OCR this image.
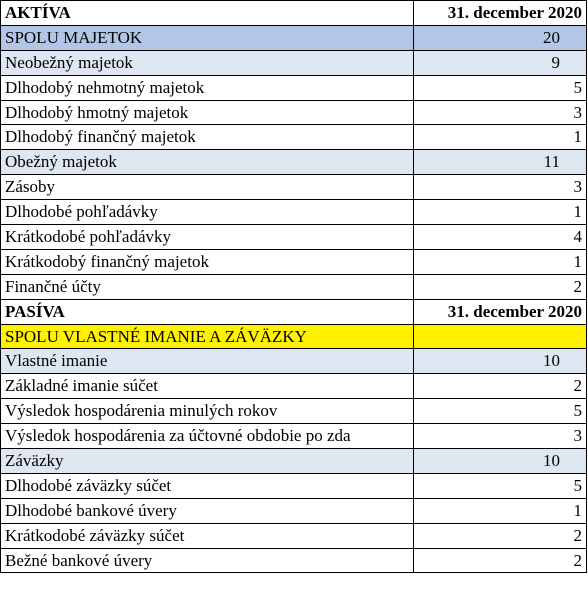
AKTÍVA	31. december 2020
SPOLU MAJETOK	20
Neobežný majetok	9
Dlhodobý nehmotný majetok	5
Dlhodobý hmotný majetok	3
Dlhodobý finančný majetok	1
Obežný majetok	11
Zásoby	3
Dlhodobé pohľadávky	1
Krátkodobé pohľadávky	4
Krátkodobý finančný majetok	1
Finančné účty	2
PASÍVA	31. december 2020
SPOLU VLASTNÉ IMANIE A ZÁVÄZKY	
Vlastné imanie	10
Základné imanie súčet	2
Výsledok hospodárenia minulých rokov	5
Výsledok hospodárenia za účtovné obdobie po zda	3
Záväzky	10
Dlhodobé záväzky súčet	5
Dlhodobé bankové úvery	1
Krátkodobé záväzky súčet	2
Bežné bankové úvery	2
